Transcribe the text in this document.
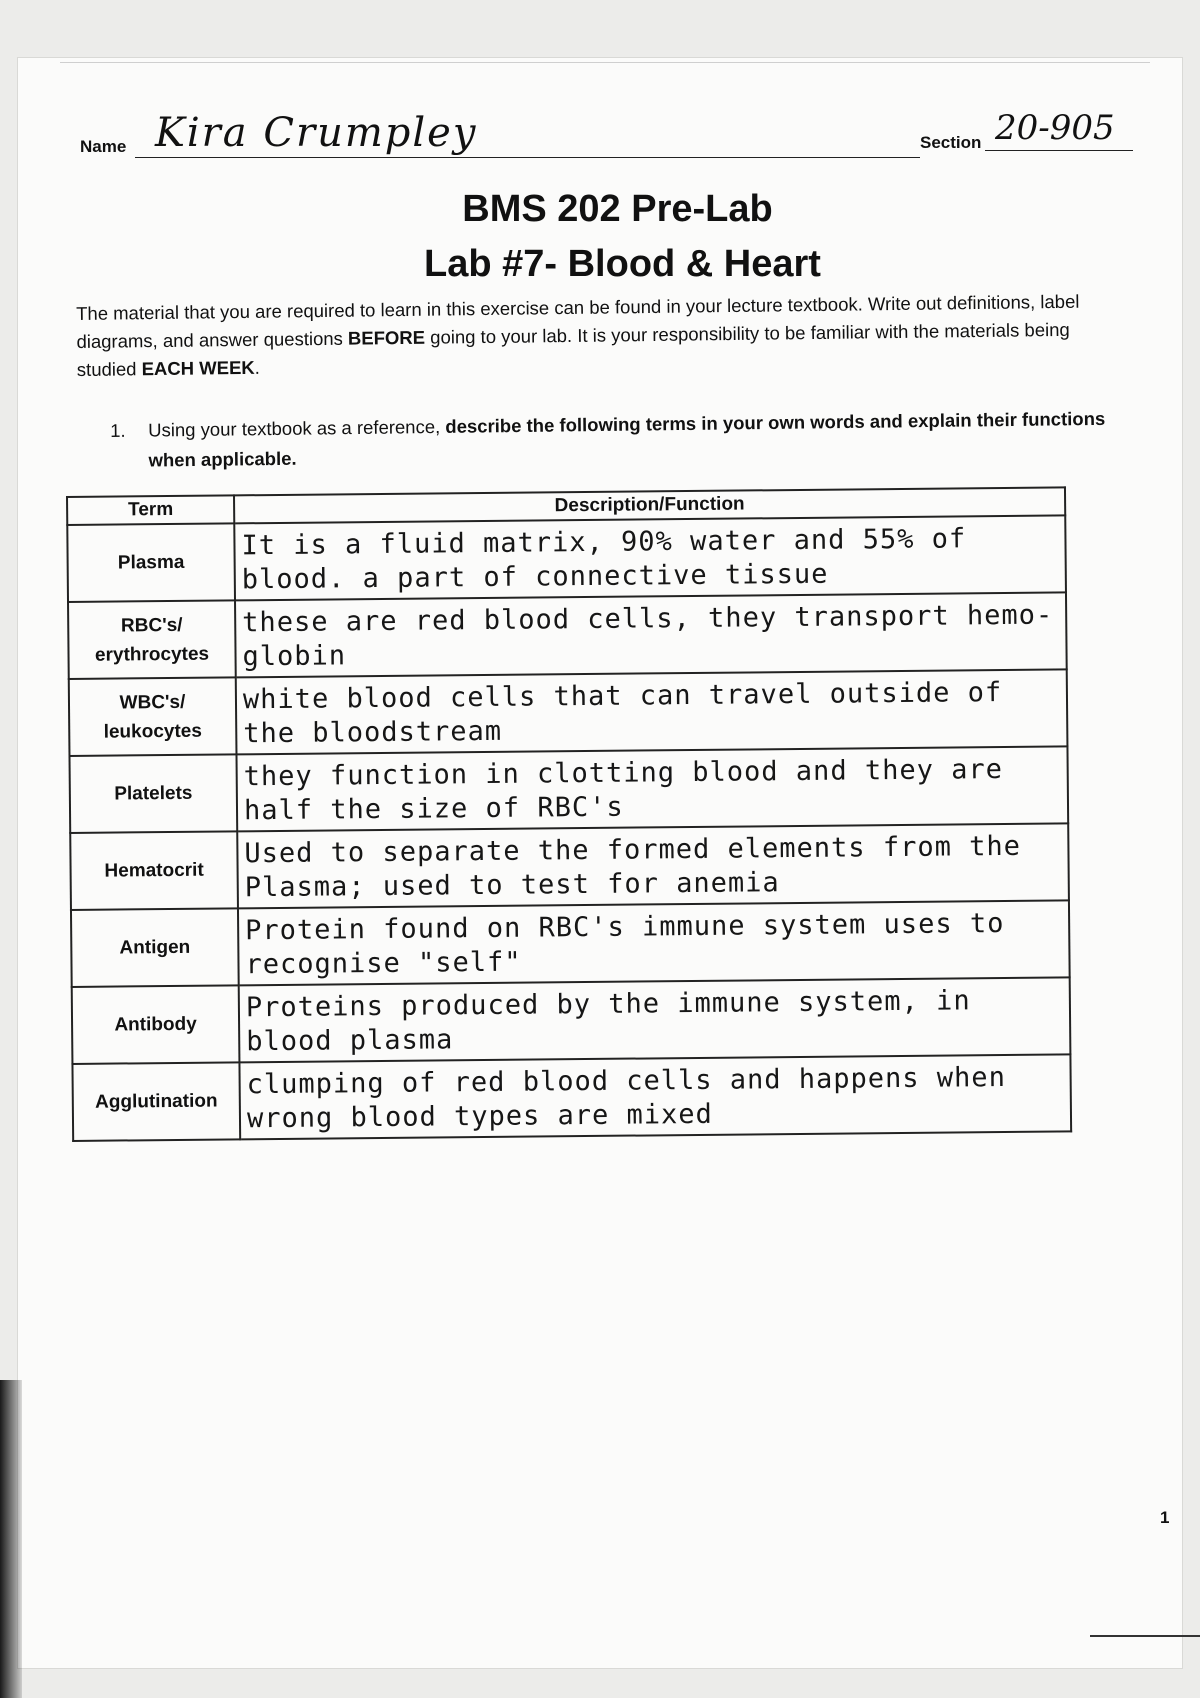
Name Kira Crumpley	Section 20-905
BMS 202 Pre-Lab
Lab #7- Blood & Heart
The material that you are required to learn in this exercise can be found in your lecture textbook. Write out definitions, label diagrams, and answer questions BEFORE going to your lab. It is your responsibility to be familiar with the materials being studied EACH WEEK.
1. Using your textbook as a reference, describe the following terms in your own words and explain their functions when applicable.
Term	Description/Function
Plasma	It is a fluid matrix, 90% water and 55% of blood. a part of connective tissue
RBC's/ erythrocytes	these are red blood cells, they transport hemo-globin
WBC's/ leukocytes	white blood cells that can travel outside of the bloodstream
Platelets	they function in clotting blood and they are half the size of RBC's
Hematocrit	Used to separate the formed elements from the Plasma; used to test for anemia
Antigen	Protein found on RBC's immune system uses to recognise "self"
Antibody	Proteins produced by the immune system, in blood plasma
Agglutination	clumping of red blood cells and happens when wrong blood types are mixed
1
